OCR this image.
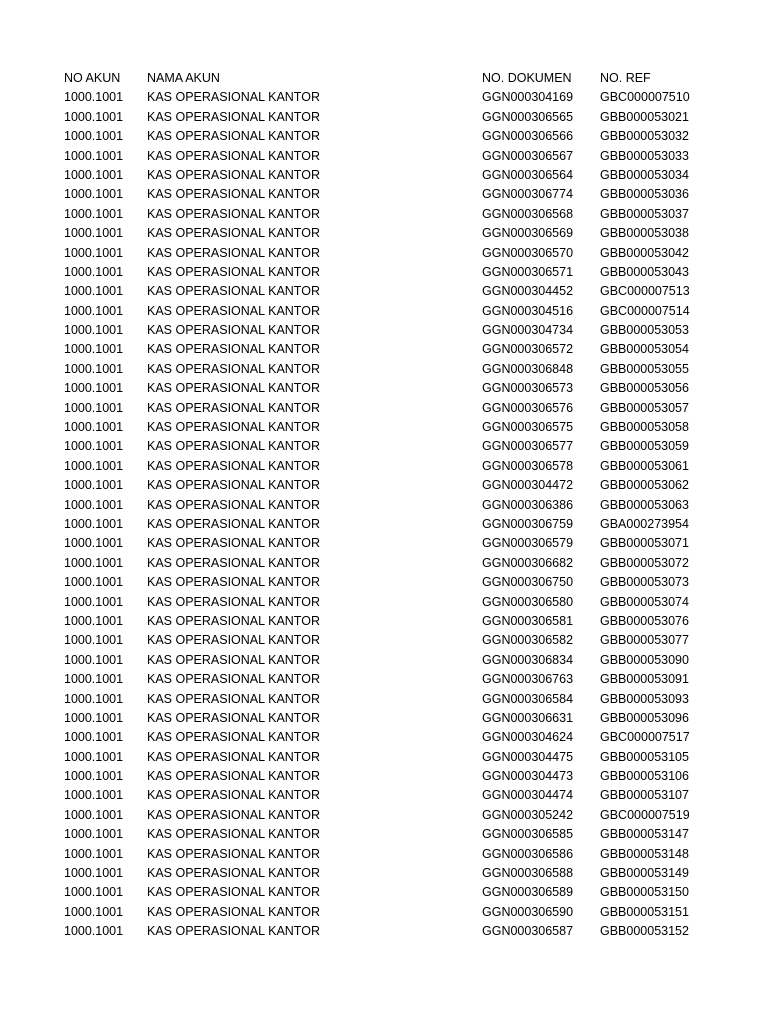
NO AKUN NAMA AKUN	NO. DOKUMEN NO. REF
1000.1001 KAS OPERASIONAL KANTOR	GGN000304169 GBC000007510
1000.1001 KAS OPERASIONAL KANTOR	GGN000306565 GBB000053021
1000.1001 KAS OPERASIONAL KANTOR	GGN000306566 GBB000053032
1000.1001 KAS OPERASIONAL KANTOR	GGN000306567 GBB000053033
1000.1001 KAS OPERASIONAL KANTOR	GGN000306564 GBB000053034
1000.1001 KAS OPERASIONAL KANTOR	GGN000306774 GBB000053036
1000.1001 KAS OPERASIONAL KANTOR	GGN000306568 GBB000053037
1000.1001 KAS OPERASIONAL KANTOR	GGN000306569 GBB000053038
1000.1001 KAS OPERASIONAL KANTOR	GGN000306570 GBB000053042
1000.1001 KAS OPERASIONAL KANTOR	GGN000306571 GBB000053043
1000.1001 KAS OPERASIONAL KANTOR	GGN000304452 GBC000007513
1000.1001 KAS OPERASIONAL KANTOR	GGN000304516 GBC000007514
1000.1001 KAS OPERASIONAL KANTOR	GGN000304734 GBB000053053
1000.1001 KAS OPERASIONAL KANTOR	GGN000306572 GBB000053054
1000.1001 KAS OPERASIONAL KANTOR	GGN000306848 GBB000053055
1000.1001 KAS OPERASIONAL KANTOR	GGN000306573 GBB000053056
1000.1001 KAS OPERASIONAL KANTOR	GGN000306576 GBB000053057
1000.1001 KAS OPERASIONAL KANTOR	GGN000306575 GBB000053058
1000.1001 KAS OPERASIONAL KANTOR	GGN000306577 GBB000053059
1000.1001 KAS OPERASIONAL KANTOR	GGN000306578 GBB000053061
1000.1001 KAS OPERASIONAL KANTOR	GGN000304472 GBB000053062
1000.1001 KAS OPERASIONAL KANTOR	GGN000306386 GBB000053063
1000.1001 KAS OPERASIONAL KANTOR	GGN000306759 GBA000273954
1000.1001 KAS OPERASIONAL KANTOR	GGN000306579 GBB000053071
1000.1001 KAS OPERASIONAL KANTOR	GGN000306682 GBB000053072
1000.1001 KAS OPERASIONAL KANTOR	GGN000306750 GBB000053073
1000.1001 KAS OPERASIONAL KANTOR	GGN000306580 GBB000053074
1000.1001 KAS OPERASIONAL KANTOR	GGN000306581 GBB000053076
1000.1001 KAS OPERASIONAL KANTOR	GGN000306582 GBB000053077
1000.1001 KAS OPERASIONAL KANTOR	GGN000306834 GBB000053090
1000.1001 KAS OPERASIONAL KANTOR	GGN000306763 GBB000053091
1000.1001 KAS OPERASIONAL KANTOR	GGN000306584 GBB000053093
1000.1001 KAS OPERASIONAL KANTOR	GGN000306631 GBB000053096
1000.1001 KAS OPERASIONAL KANTOR	GGN000304624 GBC000007517
1000.1001 KAS OPERASIONAL KANTOR	GGN000304475 GBB000053105
1000.1001 KAS OPERASIONAL KANTOR	GGN000304473 GBB000053106
1000.1001 KAS OPERASIONAL KANTOR	GGN000304474 GBB000053107
1000.1001 KAS OPERASIONAL KANTOR	GGN000305242 GBC000007519
1000.1001 KAS OPERASIONAL KANTOR	GGN000306585 GBB000053147
1000.1001 KAS OPERASIONAL KANTOR	GGN000306586 GBB000053148
1000.1001 KAS OPERASIONAL KANTOR	GGN000306588 GBB000053149
1000.1001 KAS OPERASIONAL KANTOR	GGN000306589 GBB000053150
1000.1001 KAS OPERASIONAL KANTOR	GGN000306590 GBB000053151
1000.1001 KAS OPERASIONAL KANTOR	GGN000306587 GBB000053152
